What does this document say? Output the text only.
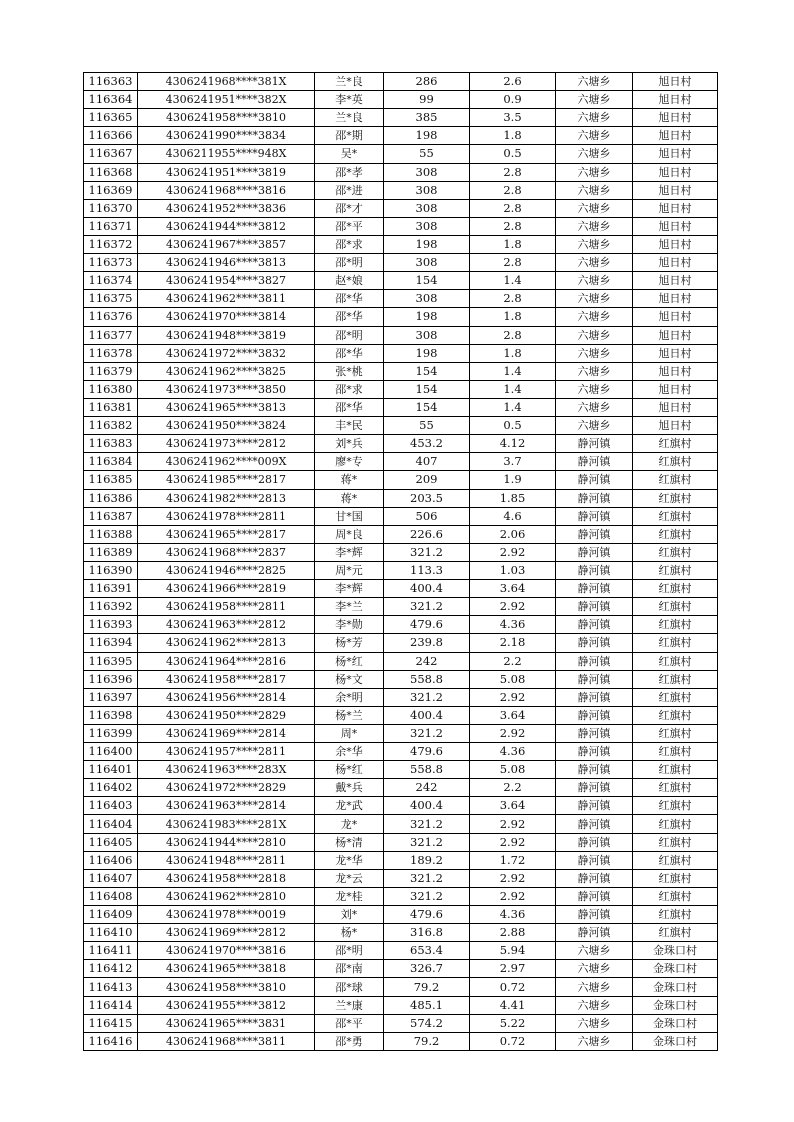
116363	4306241968****381X	兰*良	286	2.6	六塘乡	旭日村
116364	4306241951****382X	李*英	99	0.9	六塘乡	旭日村
116365	4306241958****3810	兰*良	385	3.5	六塘乡	旭日村
116366	4306241990****3834	邵*期	198	1.8	六塘乡	旭日村
116367	4306211955****948X	吴*	55	0.5	六塘乡	旭日村
116368	4306241951****3819	邵*孝	308	2.8	六塘乡	旭日村
116369	4306241968****3816	邵*进	308	2.8	六塘乡	旭日村
116370	4306241952****3836	邵*才	308	2.8	六塘乡	旭日村
116371	4306241944****3812	邵*平	308	2.8	六塘乡	旭日村
116372	4306241967****3857	邵*求	198	1.8	六塘乡	旭日村
116373	4306241946****3813	邵*明	308	2.8	六塘乡	旭日村
116374	4306241954****3827	赵*娘	154	1.4	六塘乡	旭日村
116375	4306241962****3811	邵*华	308	2.8	六塘乡	旭日村
116376	4306241970****3814	邵*华	198	1.8	六塘乡	旭日村
116377	4306241948****3819	邵*明	308	2.8	六塘乡	旭日村
116378	4306241972****3832	邵*华	198	1.8	六塘乡	旭日村
116379	4306241962****3825	张*桃	154	1.4	六塘乡	旭日村
116380	4306241973****3850	邵*求	154	1.4	六塘乡	旭日村
116381	4306241965****3813	邵*华	154	1.4	六塘乡	旭日村
116382	4306241950****3824	丰*民	55	0.5	六塘乡	旭日村
116383	4306241973****2812	刘*兵	453.2	4.12	静河镇	红旗村
116384	4306241962****009X	廖*专	407	3.7	静河镇	红旗村
116385	4306241985****2817	蒋*	209	1.9	静河镇	红旗村
116386	4306241982****2813	蒋*	203.5	1.85	静河镇	红旗村
116387	4306241978****2811	甘*国	506	4.6	静河镇	红旗村
116388	4306241965****2817	周*良	226.6	2.06	静河镇	红旗村
116389	4306241968****2837	李*辉	321.2	2.92	静河镇	红旗村
116390	4306241946****2825	周*元	113.3	1.03	静河镇	红旗村
116391	4306241966****2819	李*辉	400.4	3.64	静河镇	红旗村
116392	4306241958****2811	李*兰	321.2	2.92	静河镇	红旗村
116393	4306241963****2812	李*勋	479.6	4.36	静河镇	红旗村
116394	4306241962****2813	杨*芳	239.8	2.18	静河镇	红旗村
116395	4306241964****2816	杨*红	242	2.2	静河镇	红旗村
116396	4306241958****2817	杨*文	558.8	5.08	静河镇	红旗村
116397	4306241956****2814	余*明	321.2	2.92	静河镇	红旗村
116398	4306241950****2829	杨*兰	400.4	3.64	静河镇	红旗村
116399	4306241969****2814	周*	321.2	2.92	静河镇	红旗村
116400	4306241957****2811	余*华	479.6	4.36	静河镇	红旗村
116401	4306241963****283X	杨*红	558.8	5.08	静河镇	红旗村
116402	4306241972****2829	戴*兵	242	2.2	静河镇	红旗村
116403	4306241963****2814	龙*武	400.4	3.64	静河镇	红旗村
116404	4306241983****281X	龙*	321.2	2.92	静河镇	红旗村
116405	4306241944****2810	杨*清	321.2	2.92	静河镇	红旗村
116406	4306241948****2811	龙*华	189.2	1.72	静河镇	红旗村
116407	4306241958****2818	龙*云	321.2	2.92	静河镇	红旗村
116408	4306241962****2810	龙*桂	321.2	2.92	静河镇	红旗村
116409	4306241978****0019	刘*	479.6	4.36	静河镇	红旗村
116410	4306241969****2812	杨*	316.8	2.88	静河镇	红旗村
116411	4306241970****3816	邵*明	653.4	5.94	六塘乡	金珠口村
116412	4306241965****3818	邵*南	326.7	2.97	六塘乡	金珠口村
116413	4306241958****3810	邵*球	79.2	0.72	六塘乡	金珠口村
116414	4306241955****3812	兰*康	485.1	4.41	六塘乡	金珠口村
116415	4306241965****3831	邵*平	574.2	5.22	六塘乡	金珠口村
116416	4306241968****3811	邵*勇	79.2	0.72	六塘乡	金珠口村
